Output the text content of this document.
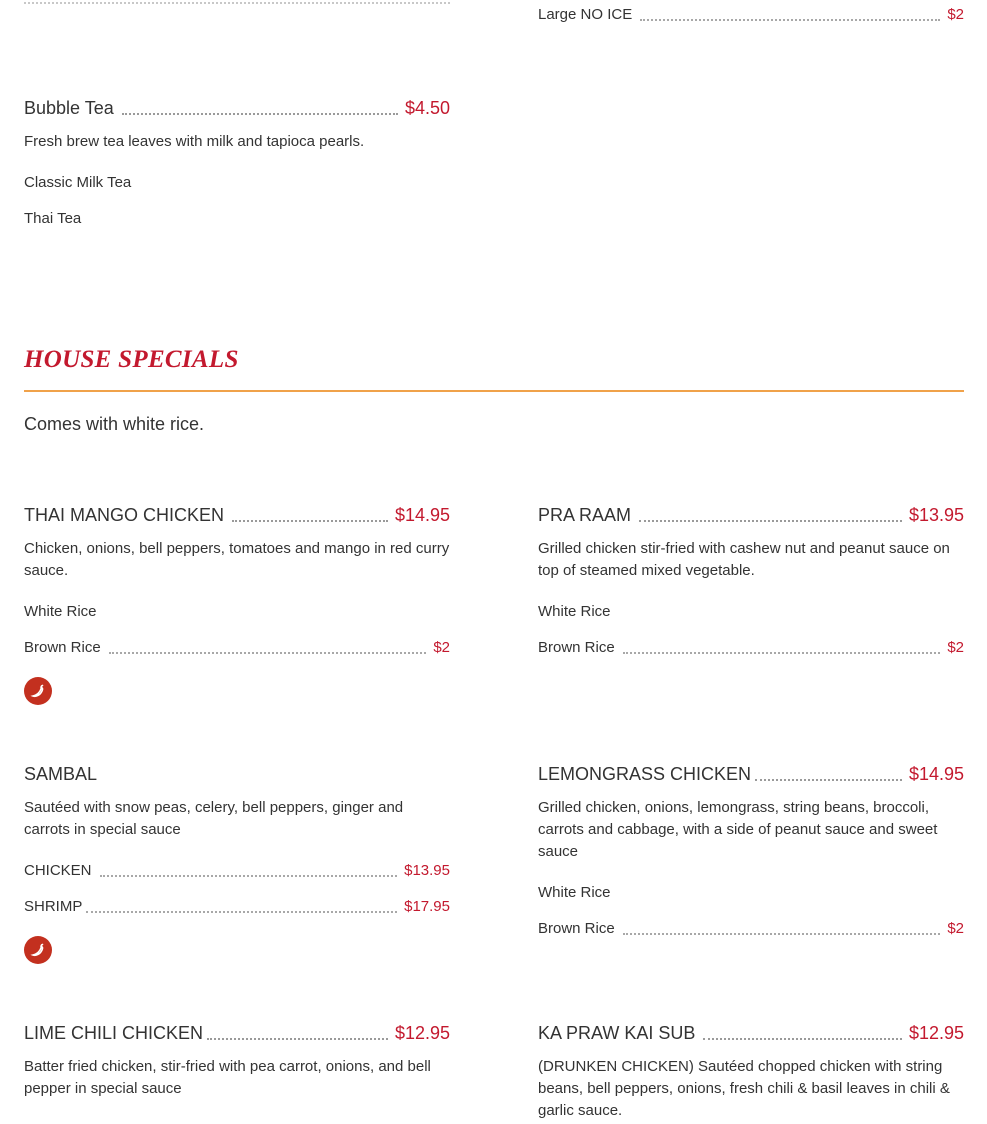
Large NO ICE	$2
Bubble Tea	$4.50
Fresh brew tea leaves with milk and tapioca pearls.
Classic Milk Tea
Thai Tea
HOUSE SPECIALS
Comes with white rice.
THAI MANGO CHICKEN	$14.95
Chicken, onions, bell peppers, tomatoes and mango in red curry sauce.
White Rice
Brown Rice	$2
PRA RAAM	$13.95
Grilled chicken stir-fried with cashew nut and peanut sauce on top of steamed mixed vegetable.
White Rice
Brown Rice	$2
SAMBAL
Sautéed with snow peas, celery, bell peppers, ginger and carrots in special sauce
CHICKEN	$13.95
SHRIMP	$17.95
LEMONGRASS CHICKEN	$14.95
Grilled chicken, onions, lemongrass, string beans, broccoli, carrots and cabbage, with a side of peanut sauce and sweet sauce
White Rice
Brown Rice	$2
LIME CHILI CHICKEN	$12.95
Batter fried chicken, stir-fried with pea carrot, onions, and bell pepper in special sauce
KA PRAW KAI SUB	$12.95
(DRUNKEN CHICKEN) Sautéed chopped chicken with string beans, bell peppers, onions, fresh chili & basil leaves in chili & garlic sauce.
